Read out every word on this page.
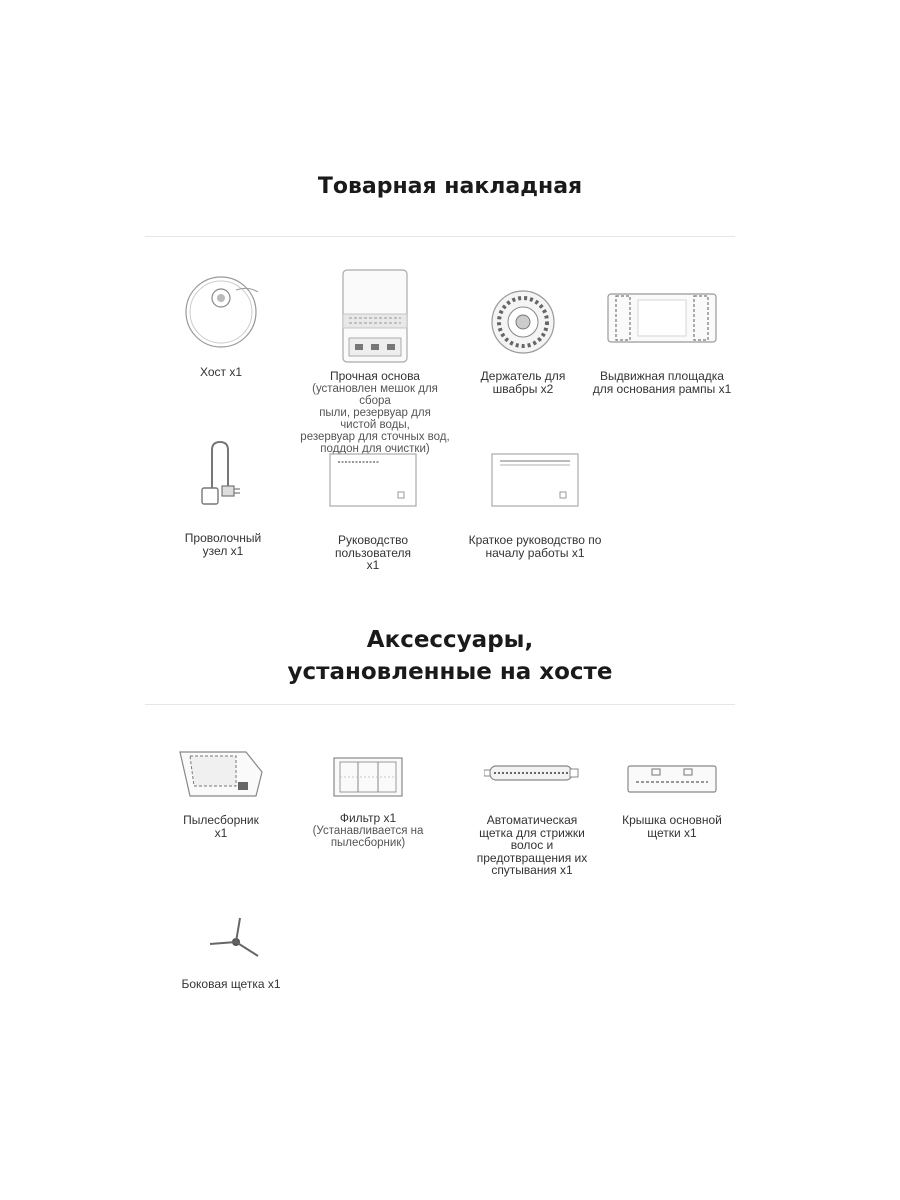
Товарная накладная
Хост x1	Прочная основа
(установлен мешок для сбора
пыли, резервуар для чистой воды,
резервуар для сточных вод,
поддон для очистки)
Держатель для
швабры x2
Выдвижная площадка
для основания рампы x1
Проволочный
узел x1
Руководство
пользователя
x1
Краткое руководство по
началу работы x1
Аксессуары,
установленные на хосте
Пылесборник
x1
Фильтр x1
(Устанавливается на
пылесборник)
Автоматическая
щетка для стрижки
волос и
предотвращения их
спутывания x1
Крышка основной
щетки x1
Боковая щетка x1
